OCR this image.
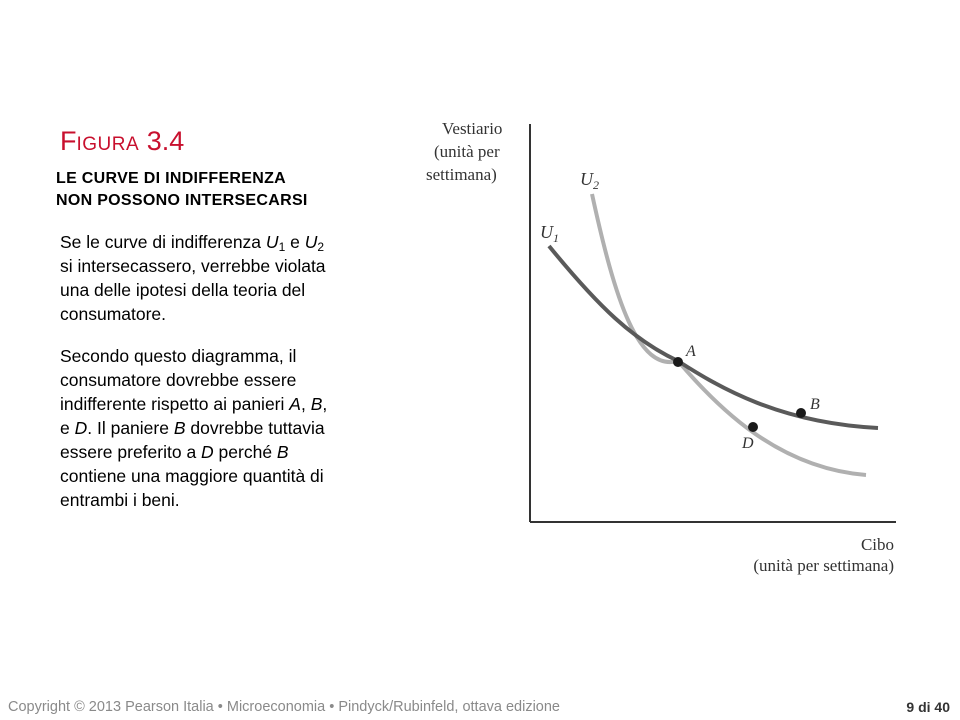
FIGURA 3.4
LE CURVE DI INDIFFERENZA
NON POSSONO INTERSECARSI
Se le curve di indifferenza $U_1$ e $U_2$
si intersecassero, verrebbe violata
una delle ipotesi della teoria del
consumatore.
Secondo questo diagramma, il
consumatore dovrebbe essere
indifferente rispetto ai panieri A, B,
e D. Il paniere B dovrebbe tuttavia
essere preferito a D perché B
contiene una maggiore quantità di
entrambi i beni.
Vestiario
(unità per
settimana)
Cibo
(unità per settimana)
$U_2$
$U_1$
A
B
D
Copyright © 2013 Pearson Italia • Microeconomia • Pindyck/Rubinfeld, ottava edizione	9 di 40
